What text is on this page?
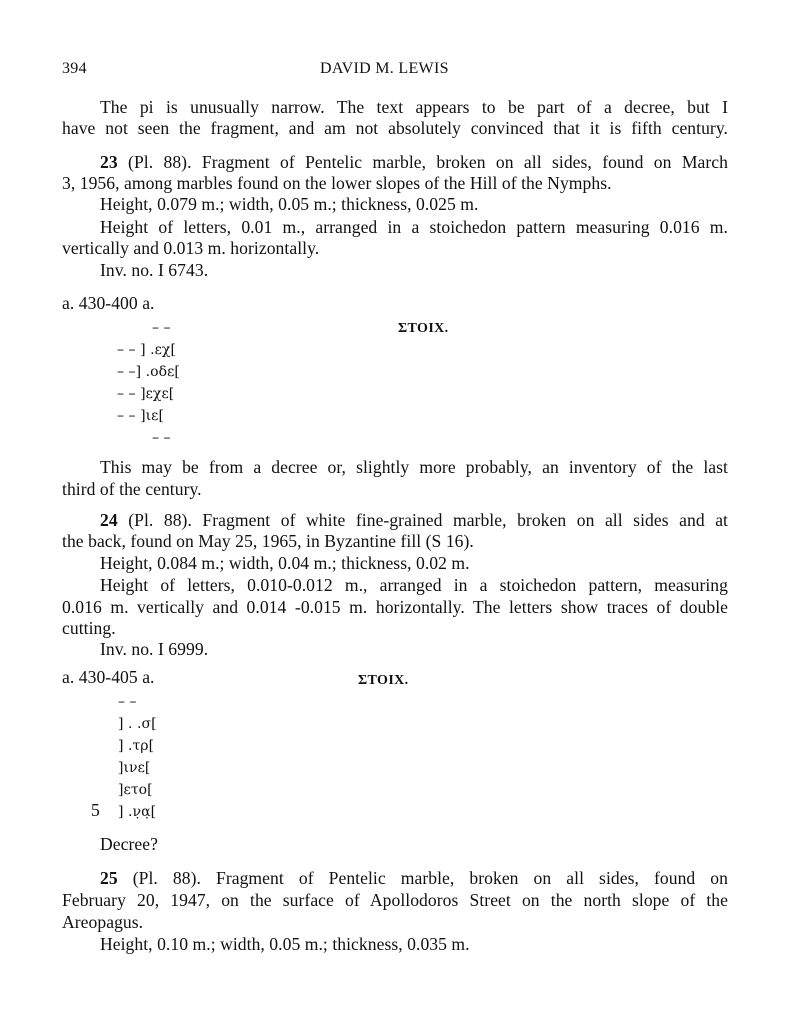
394	DAVID M. LEWIS
The pi is unusually narrow. The text appears to be part of a decree, but I
have not seen the fragment, and am not absolutely convinced that it is fifth century.
23 (Pl. 88). Fragment of Pentelic marble, broken on all sides, found on March
3, 1956, among marbles found on the lower slopes of the Hill of the Nymphs.
Height, 0.079 m.; width, 0.05 m.; thickness, 0.025 m.
Height of letters, 0.01 m., arranged in a stoichedon pattern measuring 0.016 m.
vertically and 0.013 m. horizontally.
Inv. no. I 6743.
a. 430-400 a.
ΣΤΟΙΧ.
– –
– – ] .εχ[
– –] .οδε[
– – ]εχε[
– – ]ιε[
– –
This may be from a decree or, slightly more probably, an inventory of the last
third of the century.
24 (Pl. 88). Fragment of white fine-grained marble, broken on all sides and at
the back, found on May 25, 1965, in Byzantine fill (S 16).
Height, 0.084 m.; width, 0.04 m.; thickness, 0.02 m.
Height of letters, 0.010-0.012 m., arranged in a stoichedon pattern, measuring
0.016 m. vertically and 0.014 -0.015 m. horizontally. The letters show traces of double
cutting.
Inv. no. I 6999.
a. 430-405 a.	ΣΤΟΙΧ.
– –
] . .σ[
] .τρ[
]ινε[
]ετο[
5 ] .ν̣α̣[
Decree?
25 (Pl. 88). Fragment of Pentelic marble, broken on all sides, found on
February 20, 1947, on the surface of Apollodoros Street on the north slope of the
Areopagus.
Height, 0.10 m.; width, 0.05 m.; thickness, 0.035 m.
